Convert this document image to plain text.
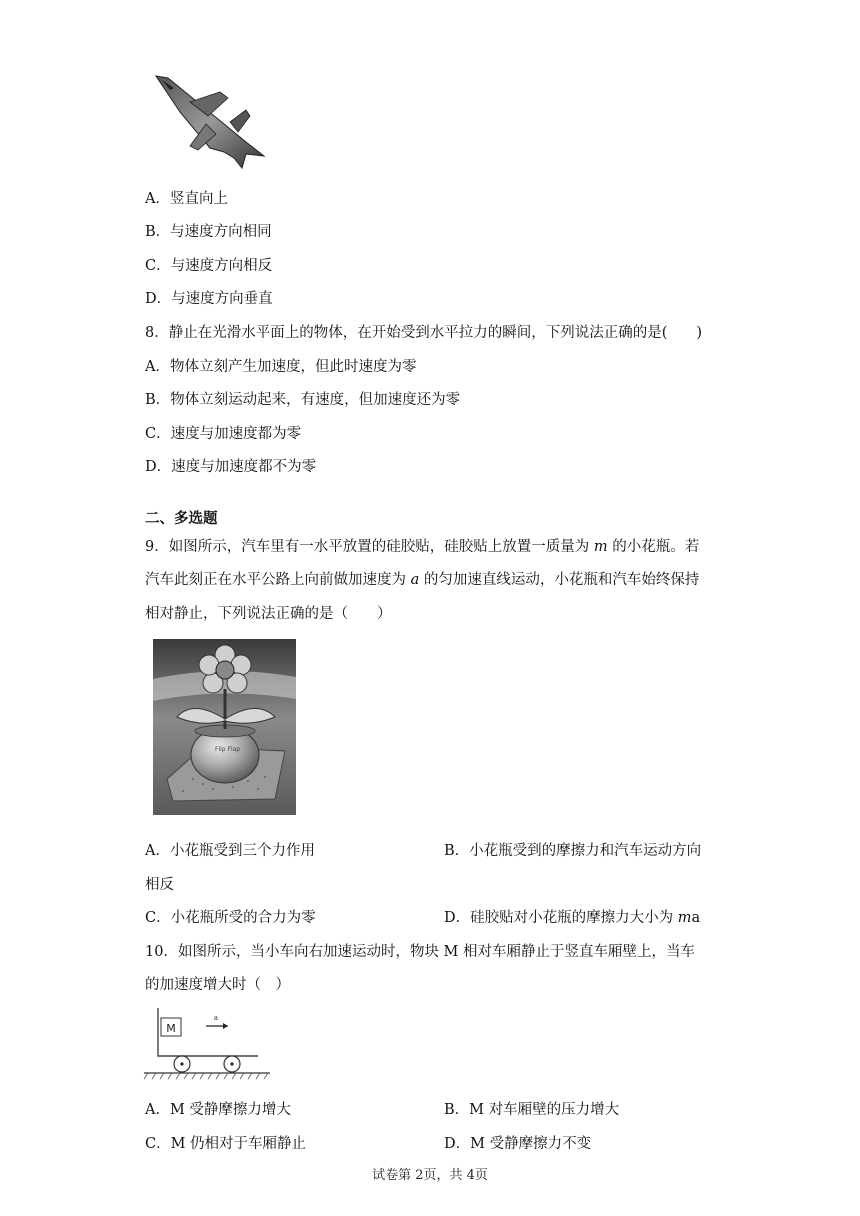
A．竖直向上
B．与速度方向相同
C．与速度方向相反
D．与速度方向垂直
8．静止在光滑水平面上的物体，在开始受到水平拉力的瞬间，下列说法正确的是(　　)
A．物体立刻产生加速度，但此时速度为零
B．物体立刻运动起来，有速度，但加速度还为零
C．速度与加速度都为零
D．速度与加速度都不为零
二、多选题
9．如图所示，汽车里有一水平放置的硅胶贴，硅胶贴上放置一质量为 m 的小花瓶。若
汽车此刻正在水平公路上向前做加速度为 a 的匀加速直线运动，小花瓶和汽车始终保持
相对静止，下列说法正确的是（　　）
Flip Flap
A．小花瓶受到三个力作用	B．小花瓶受到的摩擦力和汽车运动方向
相反
C．小花瓶所受的合力为零	D．硅胶贴对小花瓶的摩擦力大小为 ma
10．如图所示，当小车向右加速运动时，物块 M 相对车厢静止于竖直车厢壁上，当车
的加速度增大时（　）
M
a
A．M 受静摩擦力增大	B．M 对车厢壁的压力增大
C．M 仍相对于车厢静止	D．M 受静摩擦力不变
试卷第 2页，共 4页
